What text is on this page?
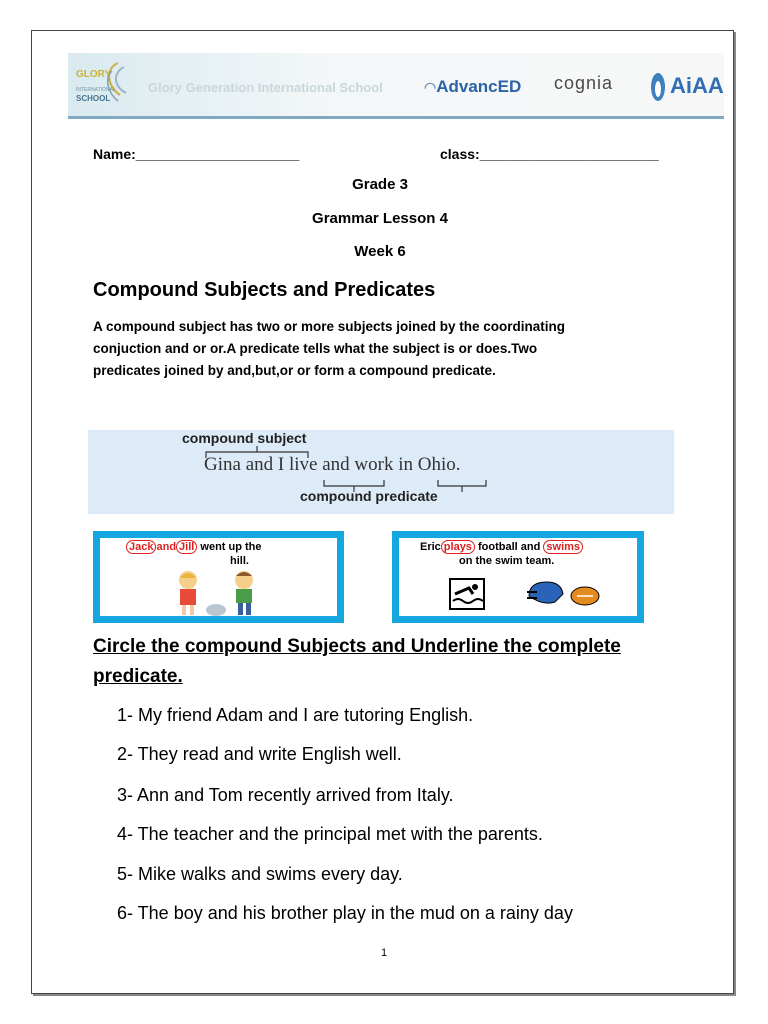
GLORY
INTERNATIONAL
SCHOOL
Glory Generation International School	◠AdvancED cognia	AiAA
Name:_____________________	class:_______________________
Grade 3
Grammar Lesson 4
Week 6
Compound Subjects and Predicates
A compound subject has two or more subjects joined by the coordinating
conjuction and or or.A predicate tells what the subject is or does.Two
predicates joined by and,but,or or form a compound predicate.
compound subject
Gina and I live and work in Ohio.
compound predicate
Jack and Jill went up the
hill.
Eric plays football and swims
on the swim team.
Circle the compound Subjects and Underline the complete
predicate.
1- My friend Adam and I are tutoring English.
2- They read and write English well.
3- Ann and Tom recently arrived from Italy.
4- The teacher and the principal met with the parents.
5- Mike walks and swims every day.
6- The boy and his brother play in the mud on a rainy day
1
